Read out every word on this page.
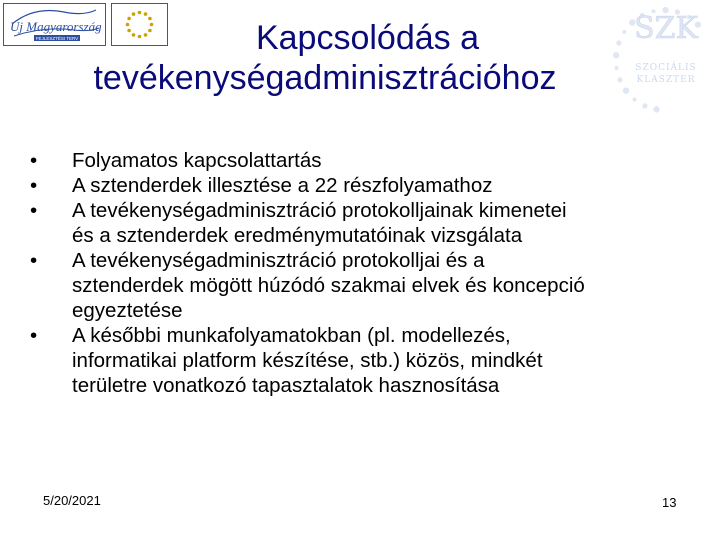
Új Magyarország
FEJLESZTÉSI TERV	Kapcsolódás a
tevékenységadminisztrációhoz
SZK
SZOCIÁLIS
KLASZTER
•	Folyamatos kapcsolattartás
•	A sztenderdek illesztése a 22 részfolyamathoz
•	A tevékenységadminisztráció protokolljainak kimenetei
és a sztenderdek eredménymutatóinak vizsgálata
•	A tevékenységadminisztráció protokolljai és a
sztenderdek mögött húzódó szakmai elvek és koncepció
egyeztetése
•	A későbbi munkafolyamatokban (pl. modellezés,
informatikai platform készítése, stb.) közös, mindkét
területre vonatkozó tapasztalatok hasznosítása
5/20/2021	13
